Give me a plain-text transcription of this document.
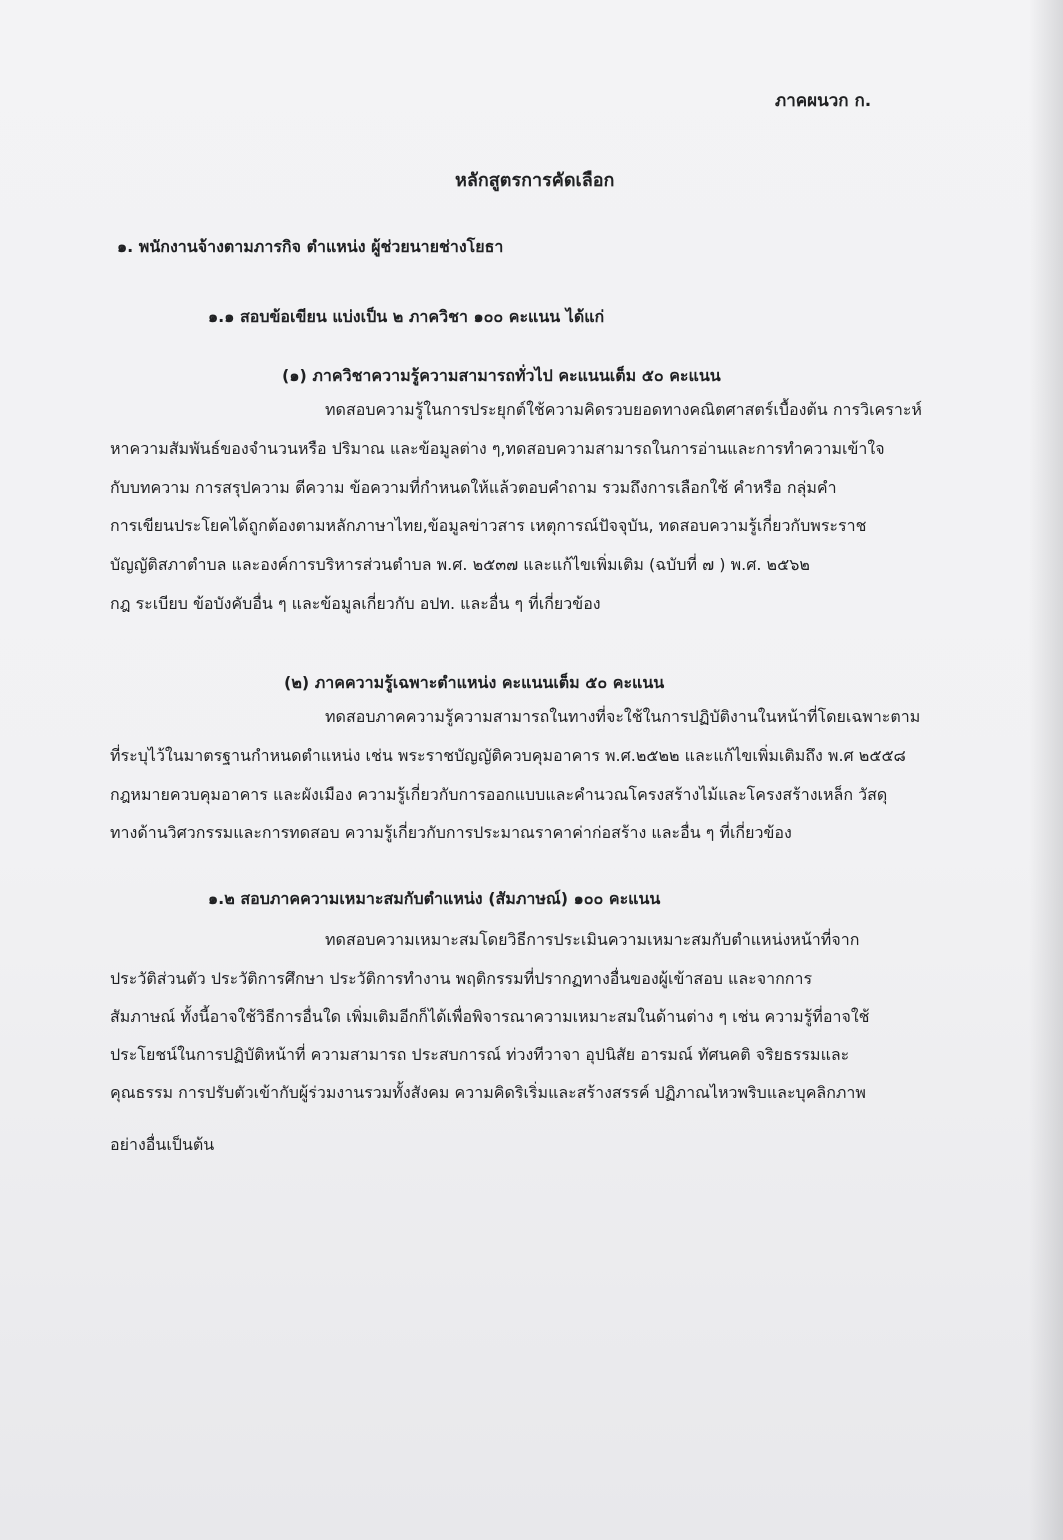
ภาคผนวก ก.

หลักสูตรการคัดเลือก

๑. พนักงานจ้างตามภารกิจ ตำแหน่ง ผู้ช่วยนายช่างโยธา

๑.๑ สอบข้อเขียน แบ่งเป็น ๒ ภาควิชา ๑๐๐ คะแนน ได้แก่

(๑) ภาควิชาความรู้ความสามารถทั่วไป คะแนนเต็ม ๕๐ คะแนน

ทดสอบความรู้ในการประยุกต์ใช้ความคิดรวบยอดทางคณิตศาสตร์เบื้องต้น การวิเคราะห์

หาความสัมพันธ์ของจำนวนหรือ ปริมาณ และข้อมูลต่าง ๆ,ทดสอบความสามารถในการอ่านและการทำความเข้าใจ

กับบทความ การสรุปความ ตีความ ข้อความที่กำหนดให้แล้วตอบคำถาม รวมถึงการเลือกใช้ คำหรือ กลุ่มคำ

การเขียนประโยคได้ถูกต้องตามหลักภาษาไทย,ข้อมูลข่าวสาร เหตุการณ์ปัจจุบัน, ทดสอบความรู้เกี่ยวกับพระราช

บัญญัติสภาตำบล และองค์การบริหารส่วนตำบล พ.ศ. ๒๕๓๗ และแก้ไขเพิ่มเติม (ฉบับที่ ๗ ) พ.ศ. ๒๕๖๒

กฎ ระเบียบ ข้อบังคับอื่น ๆ และข้อมูลเกี่ยวกับ อปท. และอื่น ๆ ที่เกี่ยวข้อง

(๒) ภาคความรู้เฉพาะตำแหน่ง คะแนนเต็ม ๕๐ คะแนน

ทดสอบภาคความรู้ความสามารถในทางที่จะใช้ในการปฏิบัติงานในหน้าที่โดยเฉพาะตาม

ที่ระบุไว้ในมาตรฐานกำหนดตำแหน่ง เช่น พระราชบัญญัติควบคุมอาคาร พ.ศ.๒๕๒๒ และแก้ไขเพิ่มเติมถึง พ.ศ ๒๕๕๘

กฎหมายควบคุมอาคาร และผังเมือง ความรู้เกี่ยวกับการออกแบบและคำนวณโครงสร้างไม้และโครงสร้างเหล็ก วัสดุ

ทางด้านวิศวกรรมและการทดสอบ ความรู้เกี่ยวกับการประมาณราคาค่าก่อสร้าง และอื่น ๆ ที่เกี่ยวข้อง

๑.๒ สอบภาคความเหมาะสมกับตำแหน่ง (สัมภาษณ์) ๑๐๐ คะแนน

ทดสอบความเหมาะสมโดยวิธีการประเมินความเหมาะสมกับตำแหน่งหน้าที่จาก

ประวัติส่วนตัว ประวัติการศึกษา ประวัติการทำงาน พฤติกรรมที่ปรากฏทางอื่นของผู้เข้าสอบ และจากการ

สัมภาษณ์ ทั้งนี้อาจใช้วิธีการอื่นใด เพิ่มเติมอีกก็ได้เพื่อพิจารณาความเหมาะสมในด้านต่าง ๆ เช่น ความรู้ที่อาจใช้

ประโยชน์ในการปฏิบัติหน้าที่ ความสามารถ ประสบการณ์ ท่วงทีวาจา อุปนิสัย อารมณ์ ทัศนคติ จริยธรรมและ

คุณธรรม การปรับตัวเข้ากับผู้ร่วมงานรวมทั้งสังคม ความคิดริเริ่มและสร้างสรรค์ ปฏิภาณไหวพริบและบุคลิกภาพ

อย่างอื่นเป็นต้น
